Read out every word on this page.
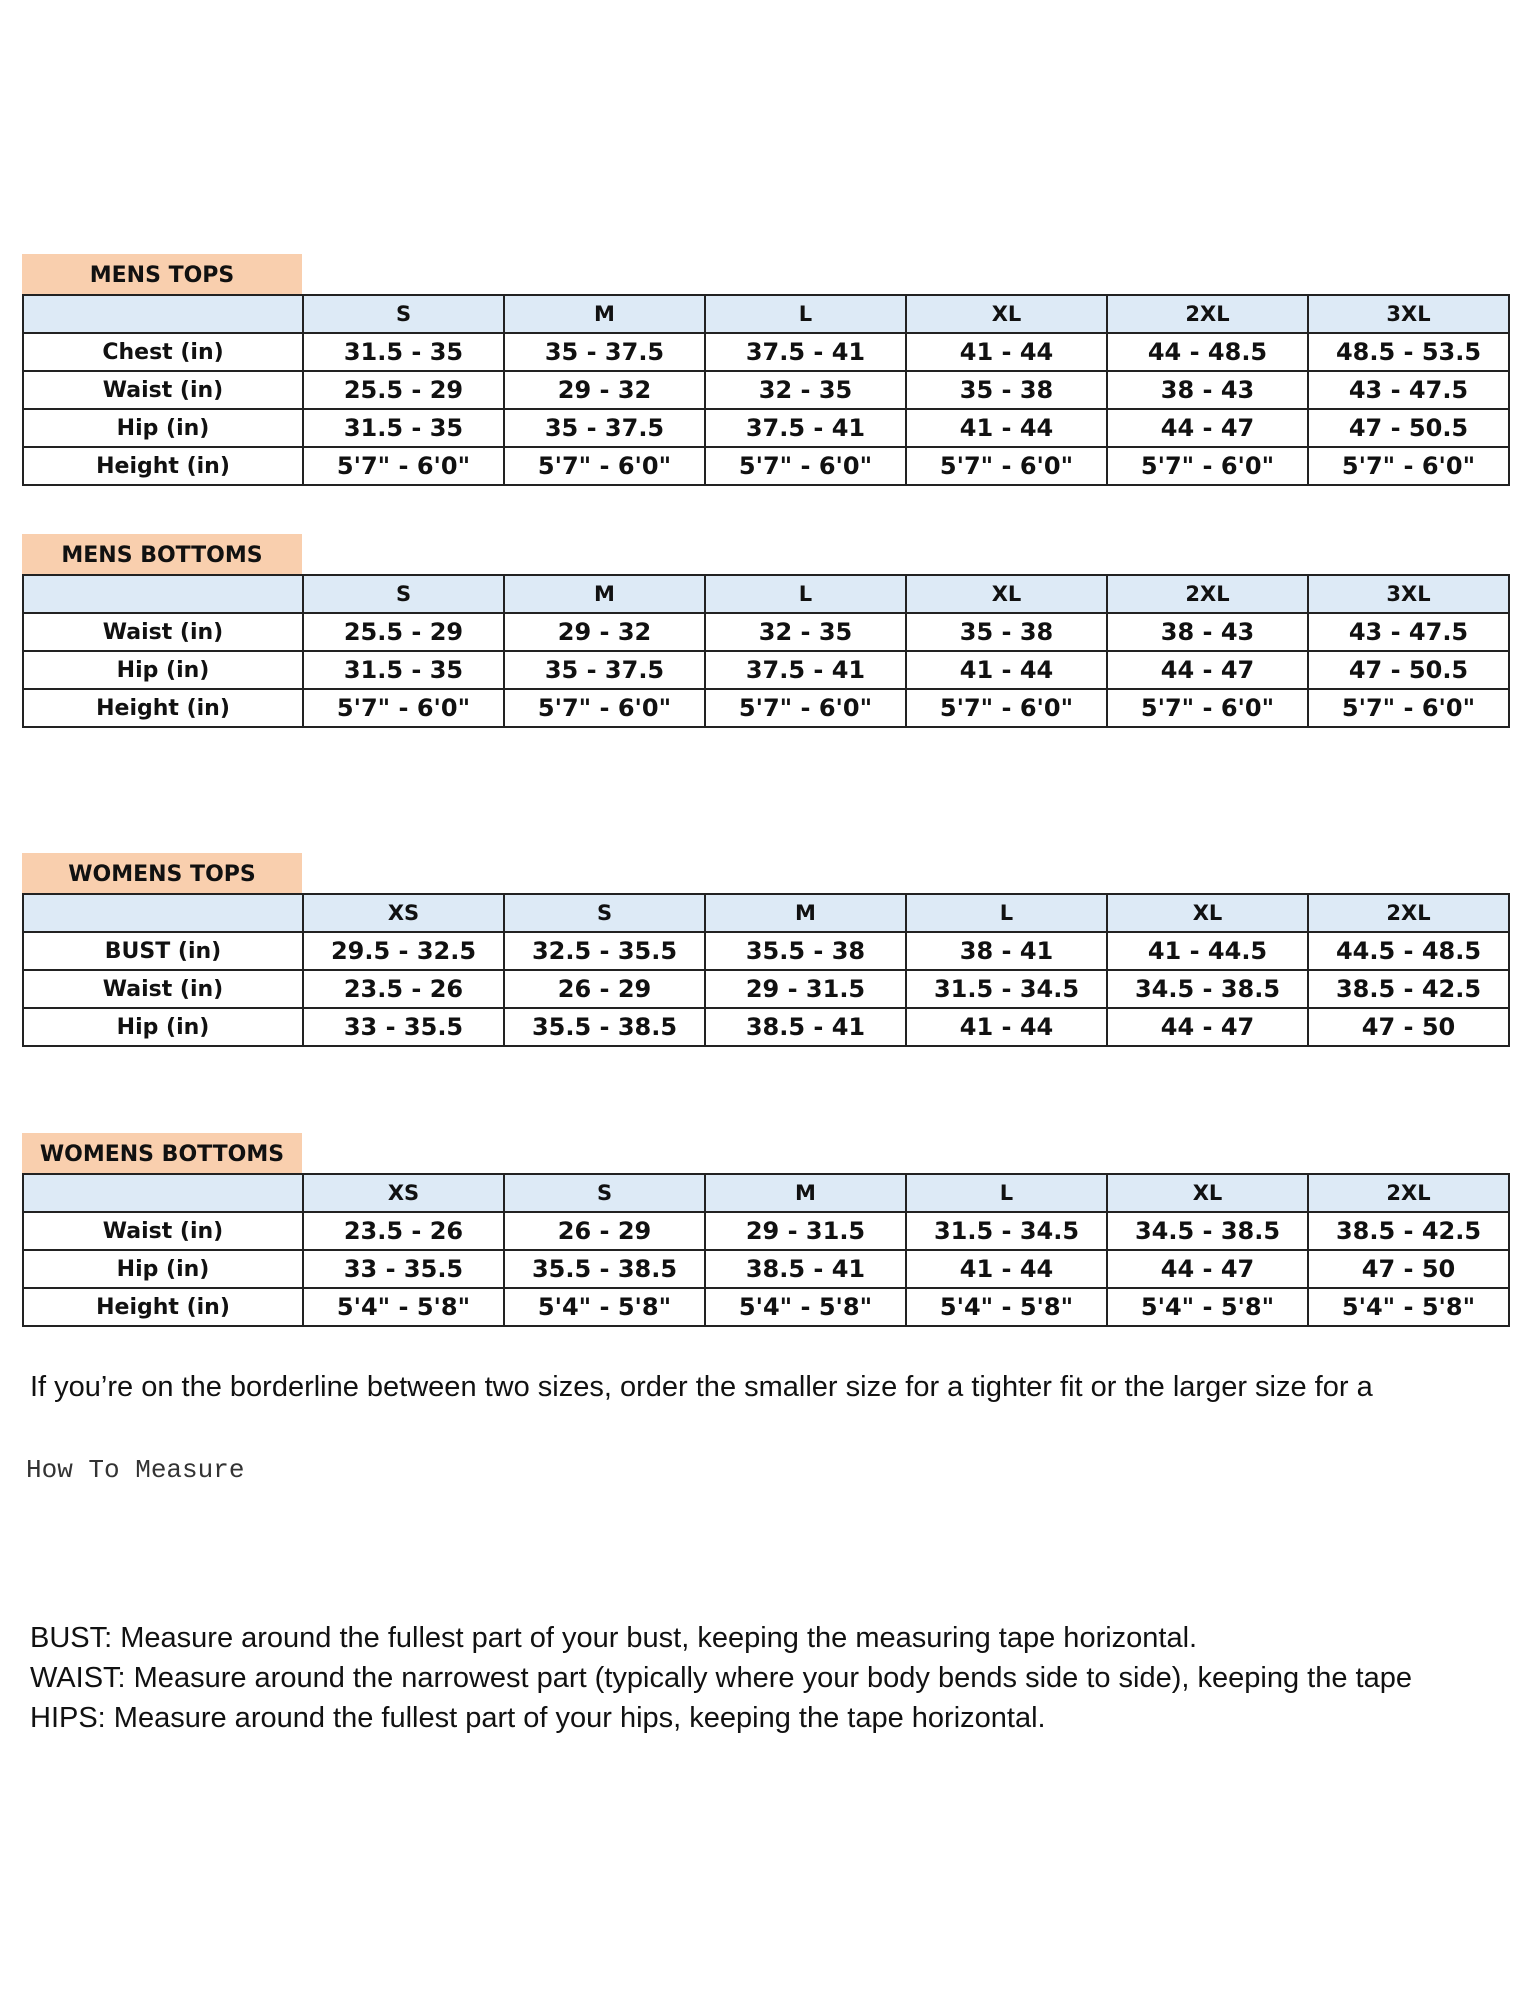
MENS TOPS
	S	M	L	XL	2XL	3XL
Chest (in)	31.5 - 35	35 - 37.5	37.5 - 41	41 - 44	44 - 48.5	48.5 - 53.5
Waist (in)	25.5 - 29	29 - 32	32 - 35	35 - 38	38 - 43	43 - 47.5
Hip (in)	31.5 - 35	35 - 37.5	37.5 - 41	41 - 44	44 - 47	47 - 50.5
Height (in)	5'7" - 6'0"	5'7" - 6'0"	5'7" - 6'0"	5'7" - 6'0"	5'7" - 6'0"	5'7" - 6'0"
MENS BOTTOMS
	S	M	L	XL	2XL	3XL
Waist (in)	25.5 - 29	29 - 32	32 - 35	35 - 38	38 - 43	43 - 47.5
Hip (in)	31.5 - 35	35 - 37.5	37.5 - 41	41 - 44	44 - 47	47 - 50.5
Height (in)	5'7" - 6'0"	5'7" - 6'0"	5'7" - 6'0"	5'7" - 6'0"	5'7" - 6'0"	5'7" - 6'0"
WOMENS TOPS
	XS	S	M	L	XL	2XL
BUST (in)	29.5 - 32.5	32.5 - 35.5	35.5 - 38	38 - 41	41 - 44.5	44.5 - 48.5
Waist (in)	23.5 - 26	26 - 29	29 - 31.5	31.5 - 34.5	34.5 - 38.5	38.5 - 42.5
Hip (in)	33 - 35.5	35.5 - 38.5	38.5 - 41	41 - 44	44 - 47	47 - 50
WOMENS BOTTOMS
	XS	S	M	L	XL	2XL
Waist (in)	23.5 - 26	26 - 29	29 - 31.5	31.5 - 34.5	34.5 - 38.5	38.5 - 42.5
Hip (in)	33 - 35.5	35.5 - 38.5	38.5 - 41	41 - 44	44 - 47	47 - 50
Height (in)	5'4" - 5'8"	5'4" - 5'8"	5'4" - 5'8"	5'4" - 5'8"	5'4" - 5'8"	5'4" - 5'8"
If you’re on the borderline between two sizes, order the smaller size for a tighter fit or the larger size for a
How To Measure
BUST: Measure around the fullest part of your bust, keeping the measuring tape horizontal.
WAIST: Measure around the narrowest part (typically where your body bends side to side), keeping the tape
HIPS: Measure around the fullest part of your hips, keeping the tape horizontal.
